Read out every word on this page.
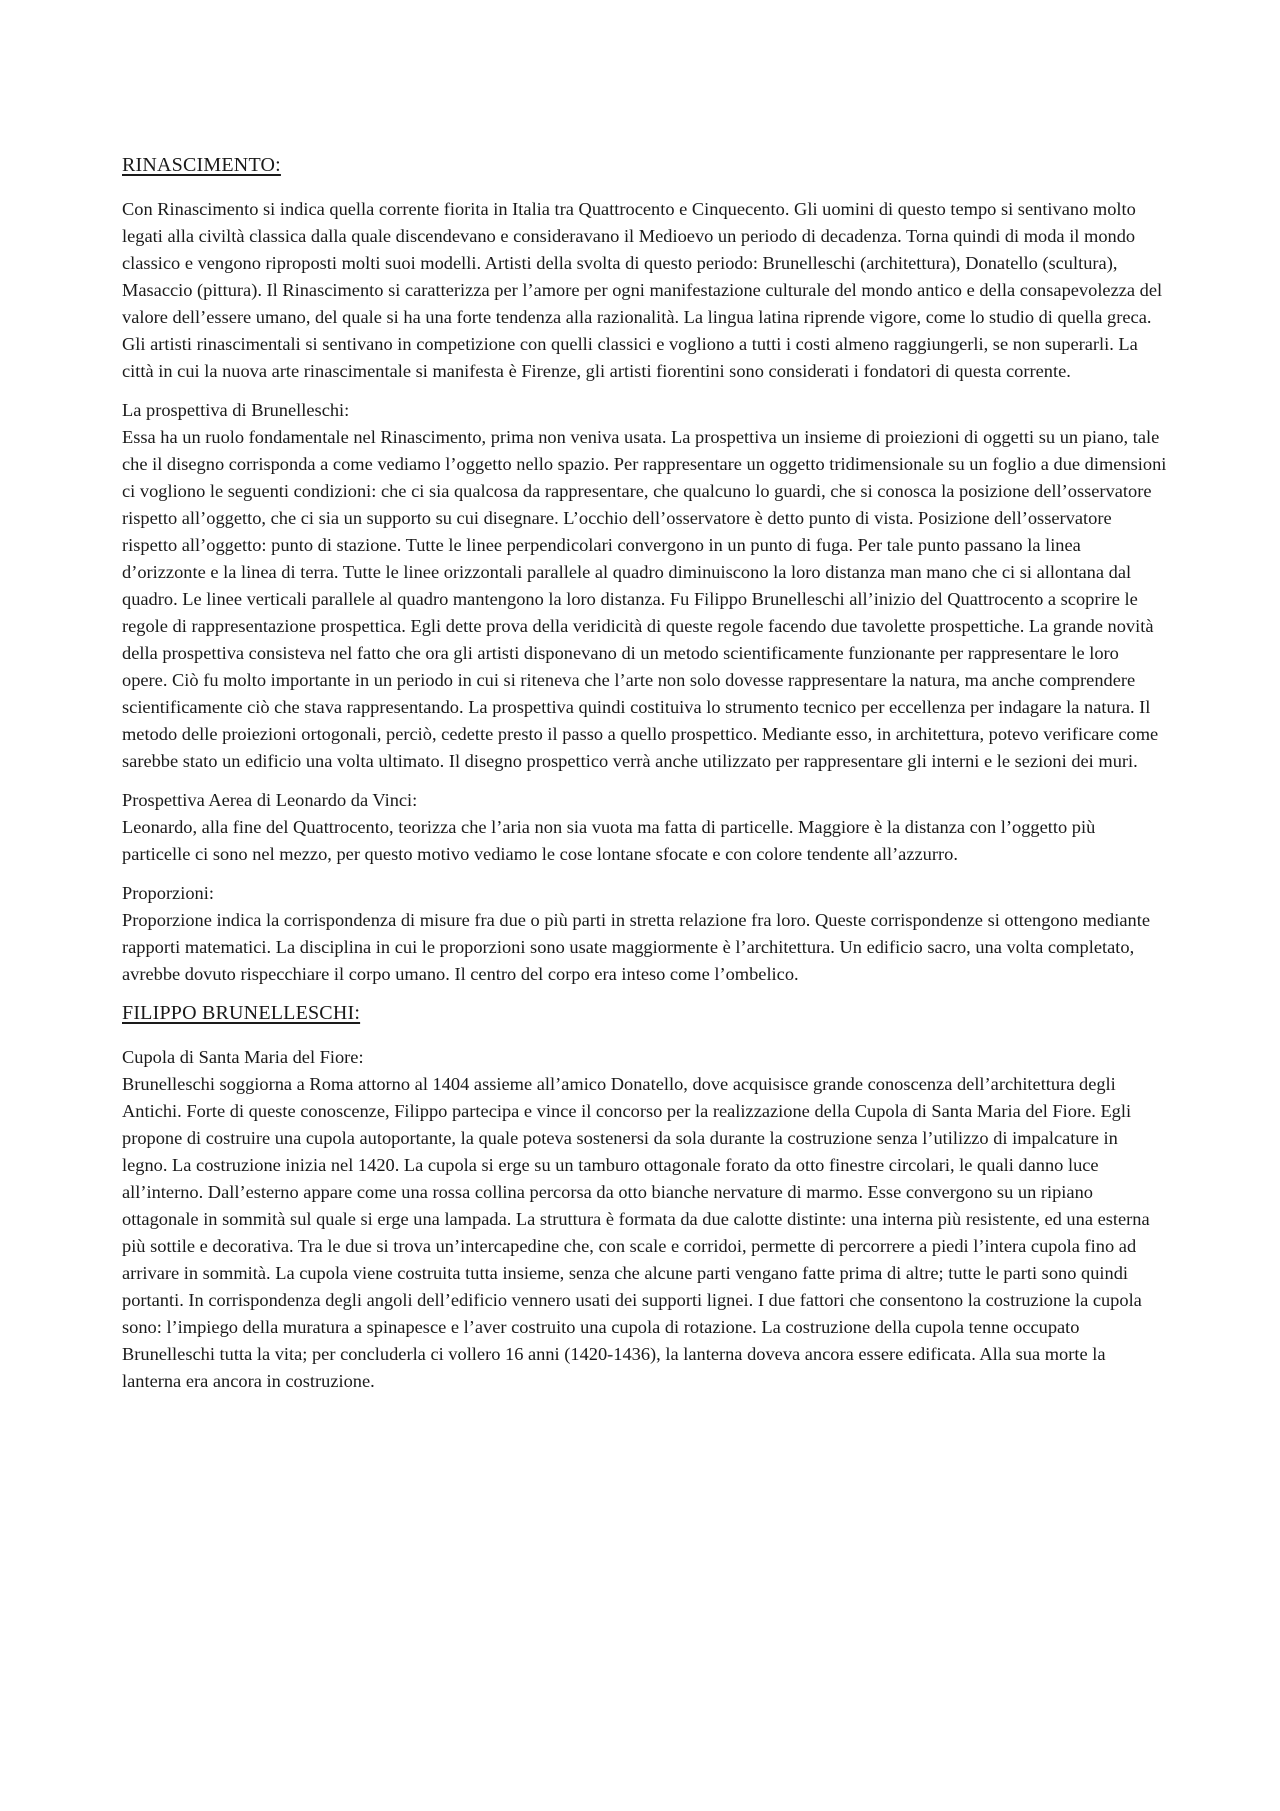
RINASCIMENTO:

Con Rinascimento si indica quella corrente fiorita in Italia tra Quattrocento e Cinquecento. Gli uomini di questo tempo si sentivano molto legati alla civiltà classica dalla quale discendevano e consideravano il Medioevo un periodo di decadenza. Torna quindi di moda il mondo classico e vengono riproposti molti suoi modelli. Artisti della svolta di questo periodo: Brunelleschi (architettura), Donatello (scultura), Masaccio (pittura). Il Rinascimento si caratterizza per l’amore per ogni manifestazione culturale del mondo antico e della consapevolezza del valore dell’essere umano, del quale si ha una forte tendenza alla razionalità. La lingua latina riprende vigore, come lo studio di quella greca. Gli artisti rinascimentali si sentivano in competizione con quelli classici e vogliono a tutti i costi almeno raggiungerli, se non superarli. La città in cui la nuova arte rinascimentale si manifesta è Firenze, gli artisti fiorentini sono considerati i fondatori di questa corrente.

La prospettiva di Brunelleschi:

Essa ha un ruolo fondamentale nel Rinascimento, prima non veniva usata. La prospettiva un insieme di proiezioni di oggetti su un piano, tale che il disegno corrisponda a come vediamo l’oggetto nello spazio. Per rappresentare un oggetto tridimensionale su un foglio a due dimensioni ci vogliono le seguenti condizioni: che ci sia qualcosa da rappresentare, che qualcuno lo guardi, che si conosca la posizione dell’osservatore rispetto all’oggetto, che ci sia un supporto su cui disegnare. L’occhio dell’osservatore è detto punto di vista. Posizione dell’osservatore rispetto all’oggetto: punto di stazione. Tutte le linee perpendicolari convergono in un punto di fuga. Per tale punto passano la linea d’orizzonte e la linea di terra. Tutte le linee orizzontali parallele al quadro diminuiscono la loro distanza man mano che ci si allontana dal quadro. Le linee verticali parallele al quadro mantengono la loro distanza. Fu Filippo Brunelleschi all’inizio del Quattrocento a scoprire le regole di rappresentazione prospettica. Egli dette prova della veridicità di queste regole facendo due tavolette prospettiche. La grande novità della prospettiva consisteva nel fatto che ora gli artisti disponevano di un metodo scientificamente funzionante per rappresentare le loro opere. Ciò fu molto importante in un periodo in cui si riteneva che l’arte non solo dovesse rappresentare la natura, ma anche comprendere scientificamente ciò che stava rappresentando. La prospettiva quindi costituiva lo strumento tecnico per eccellenza per indagare la natura. Il metodo delle proiezioni ortogonali, perciò, cedette presto il passo a quello prospettico. Mediante esso, in architettura, potevo verificare come sarebbe stato un edificio una volta ultimato. Il disegno prospettico verrà anche utilizzato per rappresentare gli interni e le sezioni dei muri.

Prospettiva Aerea di Leonardo da Vinci:

Leonardo, alla fine del Quattrocento, teorizza che l’aria non sia vuota ma fatta di particelle. Maggiore è la distanza con l’oggetto più particelle ci sono nel mezzo, per questo motivo vediamo le cose lontane sfocate e con colore tendente all’azzurro.

Proporzioni:

Proporzione indica la corrispondenza di misure fra due o più parti in stretta relazione fra loro. Queste corrispondenze si ottengono mediante rapporti matematici. La disciplina in cui le proporzioni sono usate maggiormente è l’architettura. Un edificio sacro, una volta completato, avrebbe dovuto rispecchiare il corpo umano. Il centro del corpo era inteso come l’ombelico.

FILIPPO BRUNELLESCHI:

Cupola di Santa Maria del Fiore:

Brunelleschi soggiorna a Roma attorno al 1404 assieme all’amico Donatello, dove acquisisce grande conoscenza dell’architettura degli Antichi. Forte di queste conoscenze, Filippo partecipa e vince il concorso per la realizzazione della Cupola di Santa Maria del Fiore. Egli propone di costruire una cupola autoportante, la quale poteva sostenersi da sola durante la costruzione senza l’utilizzo di impalcature in legno. La costruzione inizia nel 1420. La cupola si erge su un tamburo ottagonale forato da otto finestre circolari, le quali danno luce all’interno. Dall’esterno appare come una rossa collina percorsa da otto bianche nervature di marmo. Esse convergono su un ripiano ottagonale in sommità sul quale si erge una lampada. La struttura è formata da due calotte distinte: una interna più resistente, ed una esterna più sottile e decorativa. Tra le due si trova un’intercapedine che, con scale e corridoi, permette di percorrere a piedi l’intera cupola fino ad arrivare in sommità. La cupola viene costruita tutta insieme, senza che alcune parti vengano fatte prima di altre; tutte le parti sono quindi portanti. In corrispondenza degli angoli dell’edificio vennero usati dei supporti lignei. I due fattori che consentono la costruzione la cupola sono: l’impiego della muratura a spinapesce e l’aver costruito una cupola di rotazione. La costruzione della cupola tenne occupato Brunelleschi tutta la vita; per concluderla ci vollero 16 anni (1420-1436), la lanterna doveva ancora essere edificata. Alla sua morte la lanterna era ancora in costruzione.
